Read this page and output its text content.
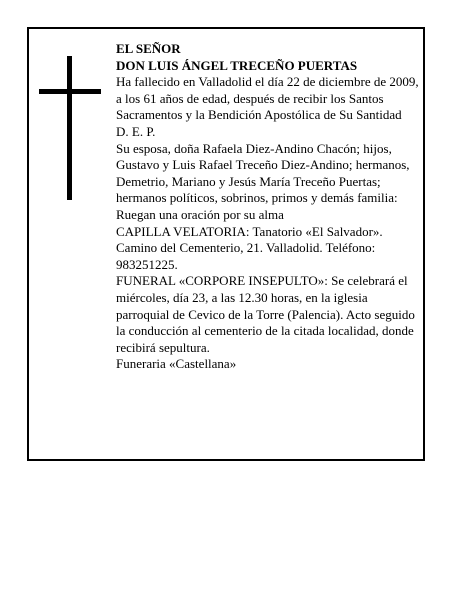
EL SEÑOR

DON LUIS ÁNGEL TRECEÑO PUERTAS

Ha fallecido en Valladolid el día 22 de diciembre de 2009, a los 61 años de edad, después de recibir los Santos Sacramentos y la Bendición Apostólica de Su Santidad

D. E. P.

Su esposa, doña Rafaela Diez-Andino Chacón; hijos, Gustavo y Luis Rafael Treceño Diez-Andino; hermanos, Demetrio, Mariano y Jesús María Treceño Puertas; hermanos políticos, sobrinos, primos y demás familia:

Ruegan una oración por su alma

CAPILLA VELATORIA: Tanatorio «El Salvador». Camino del Cementerio, 21. Valladolid. Teléfono: 983251225.

FUNERAL «CORPORE INSEPULTO»: Se celebrará el miércoles, día 23, a las 12.30 horas, en la iglesia parroquial de Cevico de la Torre (Palencia). Acto seguido la conducción al cementerio de la citada localidad, donde recibirá sepultura.

Funeraria «Castellana»
